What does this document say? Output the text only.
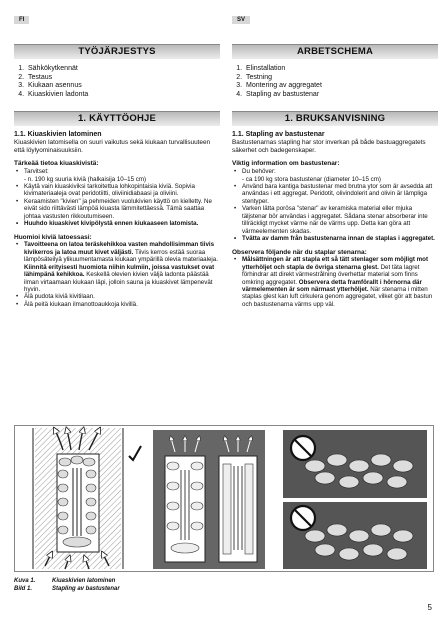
FI
TYÖJÄRJESTYS
1. Sähkökytkennät
2. Testaus
3. Kiukaan asennus
4. Kiuaskivien ladonta
1. KÄYTTÖOHJE
1.1. Kiuaskivien latominen

Kiuaskivien latomisella on suuri vaikutus sekä kiukaan turvallisuuteen että löylyominaisuuksiin.

Tärkeää tietoa kiuaskivistä:
• Tarvitset:
- n. 190 kg suuria kiviä (halkaisija 10–15 cm)
• Käytä vain kiuaskiviksi tarkoitettua lohkopintaisia kiviä. Sopivia kivimateriaaleja ovat peridotiitti, oliviinidiabaasi ja oliviini.
• Keraamisten "kivien" ja pehmeiden vuolukivien käyttö on kielletty. Ne eivät sido riittävästi lämpöä kiuasta lämmitettäessä. Tämä saattaa johtaa vastusten rikkoutumiseen.
• Huuhdo kiuaskivet kivipölystä ennen kiukaaseen latomista.
Huomioi kiviä latoessasi:
• Tavoitteena on latoa teräskehikkoa vasten mahdollisimman tiivis kivikerros ja latoa muut kivet väljästi. Tiivis kerros estää suoraa lämpösäteilyä ylikuumentamasta kiukaan ympärillä olevia materiaaleja. Kiinnitä erityisesti huomiota niihin kulmiin, joissa vastukset ovat lähimpänä kehikkoa. Keskellä olevien kivien väljä ladonta päästää ilman virtaamaan kiukaan läpi, jolloin sauna ja kiuaskivet lämpenevät hyvin.
• Älä pudota kiviä kivitilaan.
• Älä peitä kiukaan ilmanottoaukkoja kivillä.
SV
ARBETSCHEMA
1. Elinstallation
2. Testning
3. Montering av aggregatet
4. Stapling av bastustenar
1. BRUKSANVISNING
1.1. Stapling av bastustenar

Bastustenarnas stapling har stor inverkan på både bastuaggregatets säkerhet och badegenskaper.

Viktig information om bastustenar:
• Du behöver:
- ca 190 kg stora bastustenar (diameter 10–15 cm)
• Använd bara kantiga bastustenar med brutna ytor som är avsedda att användas i ett aggregat. Peridotit, olivindolerit and olivin är lämpliga stentyper.
• Varken lätta porösa "stenar" av keramiska material eller mjuka täljstenar bör användas i aggregatet. Sådana stenar absorberar inte tillräckligt mycket värme när de värms upp. Detta kan göra att värmeelementen skadas.
• Tvätta av damm från bastustenarna innan de staplas i aggregatet.
Observera följande när du staplar stenarna:
• Målsättningen är att stapla ett så tätt stenlager som möjligt mot ytterhöljet och stapla de övriga stenarna glest. Det täta lagret förhindrar att direkt värmestrålning överhettar material som finns omkring aggregatet. Observera detta framförallt i hörnorna där värmelementen är som närmast ytterhöljet. När stenarna i mitten staplas glest kan luft cirkulera genom aggregatet, vilket gör att bastun och bastustenarna värms upp väl.
Kuva 1.	Kiuaskivien latominen
Bild 1.	Stapling av bastustenar
5
